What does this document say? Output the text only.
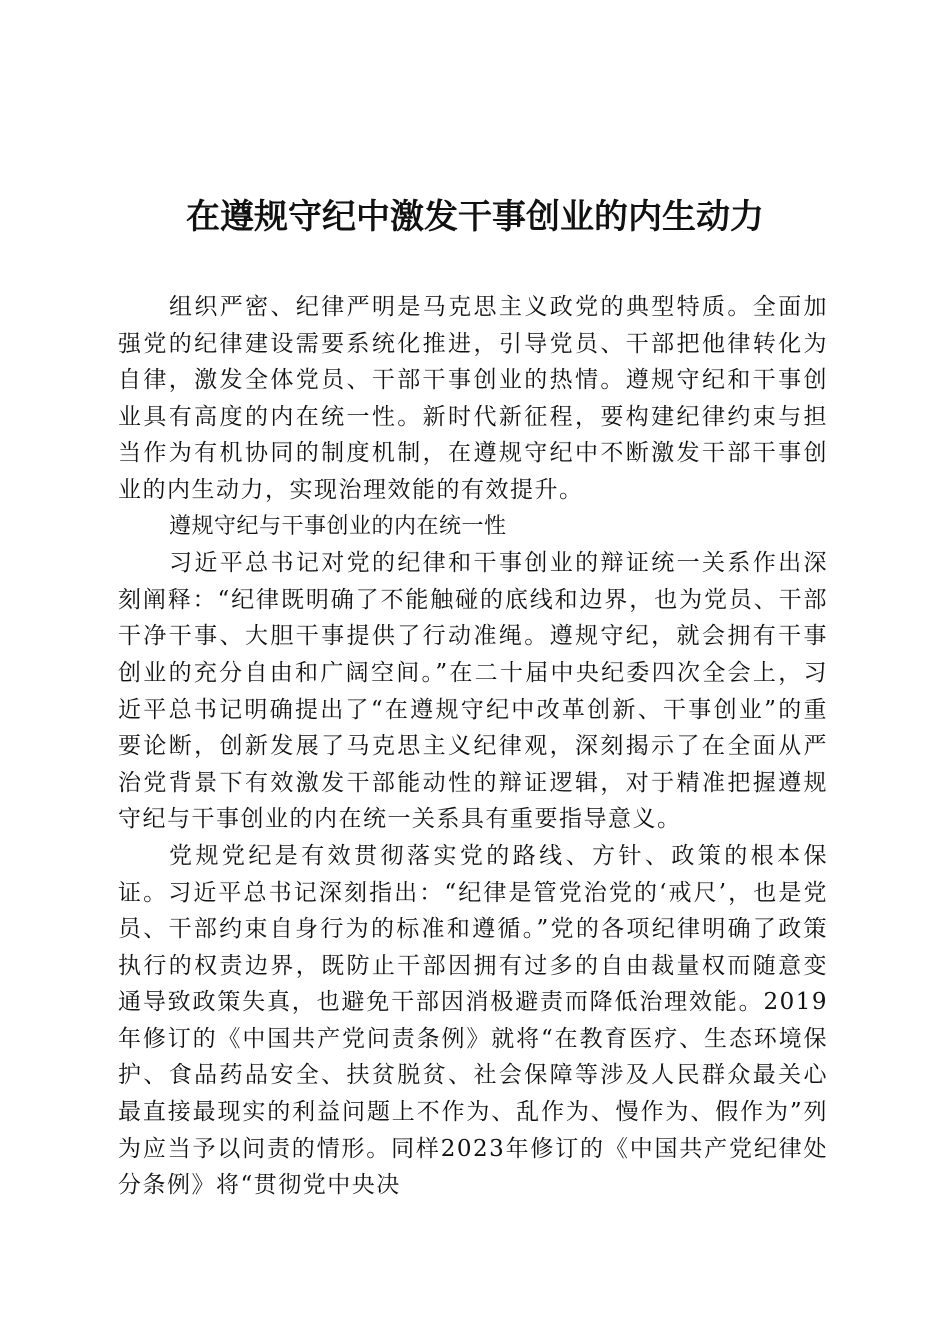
在遵规守纪中激发干事创业的内生动力

组织严密、纪律严明是马克思主义政党的典型特质。全面加强党的纪律建设需要系统化推进，引导党员、干部把他律转化为自律，激发全体党员、干部干事创业的热情。遵规守纪和干事创业具有高度的内在统一性。新时代新征程，要构建纪律约束与担当作为有机协同的制度机制，在遵规守纪中不断激发干部干事创业的内生动力，实现治理效能的有效提升。

遵规守纪与干事创业的内在统一性

习近平总书记对党的纪律和干事创业的辩证统一关系作出深刻阐释：“纪律既明确了不能触碰的底线和边界，也为党员、干部干净干事、大胆干事提供了行动准绳。遵规守纪，就会拥有干事创业的充分自由和广阔空间。”在二十届中央纪委四次全会上，习近平总书记明确提出了“在遵规守纪中改革创新、干事创业”的重要论断，创新发展了马克思主义纪律观，深刻揭示了在全面从严治党背景下有效激发干部能动性的辩证逻辑，对于精准把握遵规守纪与干事创业的内在统一关系具有重要指导意义。

党规党纪是有效贯彻落实党的路线、方针、政策的根本保证。习近平总书记深刻指出：“纪律是管党治党的‘戒尺’，也是党员、干部约束自身行为的标准和遵循。”党的各项纪律明确了政策执行的权责边界，既防止干部因拥有过多的自由裁量权而随意变通导致政策失真，也避免干部因消极避责而降低治理效能。2019年修订的《中国共产党问责条例》就将“在教育医疗、生态环境保护、食品药品安全、扶贫脱贫、社会保障等涉及人民群众最关心最直接最现实的利益问题上不作为、乱作为、慢作为、假作为”列为应当予以问责的情形。同样2023年修订的《中国共产党纪律处分条例》将“贯彻党中央决
